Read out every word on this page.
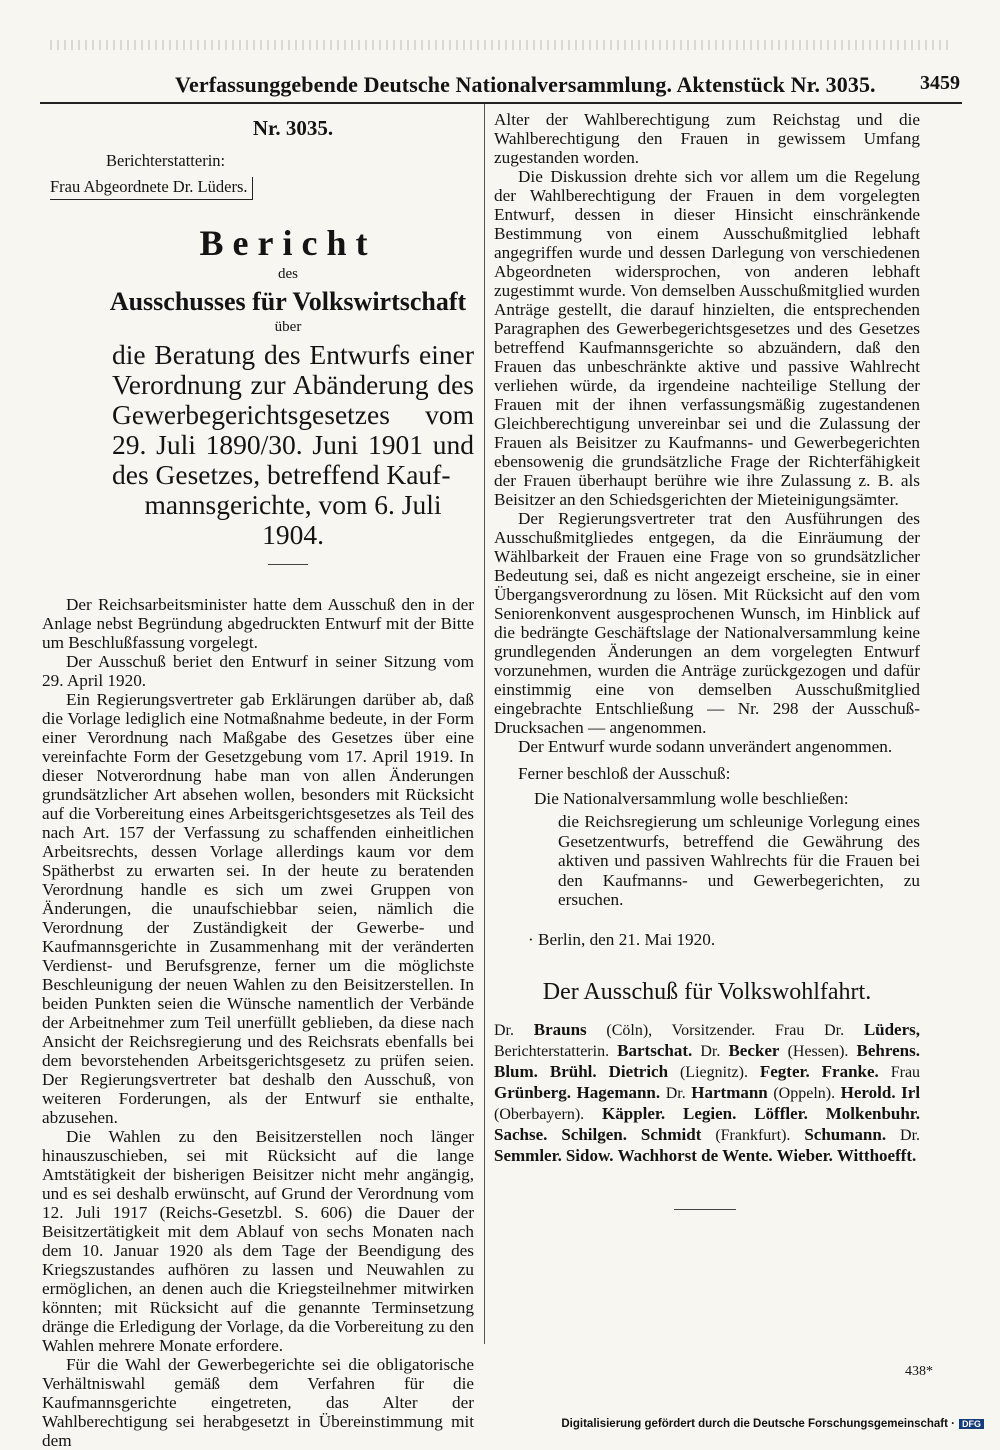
Verfassunggebende Deutsche Nationalversammlung. Aktenstück Nr. 3035. 3459
Nr. 3035.
Berichterstatterin:
Frau Abgeordnete Dr. Lüders.
Bericht
des
Ausschusses für Volkswirtschaft
über
die Beratung des Entwurfs einer Verordnung zur Abänderung des Gewerbegerichtsgesetzes vom 29. Juli 1890/30. Juni 1901 und des Gesetzes, betreffend Kauf-
mannsgerichte, vom 6. Juli 1904.

Der Reichsarbeitsminister hatte dem Ausschuß den in der Anlage nebst Begründung abgedruckten Entwurf mit der Bitte um Beschlußfassung vorgelegt.

Der Ausschuß beriet den Entwurf in seiner Sitzung vom 29. April 1920.

Ein Regierungsvertreter gab Erklärungen darüber ab, daß die Vorlage lediglich eine Notmaßnahme bedeute, in der Form einer Verordnung nach Maßgabe des Gesetzes über eine vereinfachte Form der Gesetzgebung vom 17. April 1919. In dieser Notverordnung habe man von allen Änderungen grundsätzlicher Art absehen wollen, besonders mit Rücksicht auf die Vorbereitung eines Arbeitsgerichtsgesetzes als Teil des nach Art. 157 der Verfassung zu schaffenden einheitlichen Arbeitsrechts, dessen Vorlage allerdings kaum vor dem Spätherbst zu erwarten sei. In der heute zu beratenden Verordnung handle es sich um zwei Gruppen von Änderungen, die unaufschiebbar seien, nämlich die Verordnung der Zuständigkeit der Gewerbe- und Kaufmannsgerichte in Zusammenhang mit der veränderten Verdienst- und Berufsgrenze, ferner um die möglichste Beschleunigung der neuen Wahlen zu den Beisitzerstellen. In beiden Punkten seien die Wünsche namentlich der Verbände der Arbeitnehmer zum Teil unerfüllt geblieben, da diese nach Ansicht der Reichsregierung und des Reichsrats ebenfalls bei dem bevorstehenden Arbeitsgerichtsgesetz zu prüfen seien. Der Regierungsvertreter bat deshalb den Ausschuß, von weiteren Forderungen, als der Entwurf sie enthalte, abzusehen.

Die Wahlen zu den Beisitzerstellen noch länger hinauszuschieben, sei mit Rücksicht auf die lange Amtstätigkeit der bisherigen Beisitzer nicht mehr angängig, und es sei deshalb erwünscht, auf Grund der Verordnung vom 12. Juli 1917 (Reichs-Gesetzbl. S. 606) die Dauer der Beisitzertätigkeit mit dem Ablauf von sechs Monaten nach dem 10. Januar 1920 als dem Tage der Beendigung des Kriegszustandes aufhören zu lassen und Neuwahlen zu ermöglichen, an denen auch die Kriegsteilnehmer mitwirken könnten; mit Rücksicht auf die genannte Terminsetzung dränge die Erledigung der Vorlage, da die Vorbereitung zu den Wahlen mehrere Monate erfordere.

Für die Wahl der Gewerbegerichte sei die obligatorische Verhältniswahl gemäß dem Verfahren für die Kaufmannsgerichte eingetreten, das Alter der Wahlberechtigung sei herabgesetzt in Übereinstimmung mit dem

Alter der Wahlberechtigung zum Reichstag und die Wahlberechtigung den Frauen in gewissem Umfang zugestanden worden.

Die Diskussion drehte sich vor allem um die Regelung der Wahlberechtigung der Frauen in dem vorgelegten Entwurf, dessen in dieser Hinsicht einschränkende Bestimmung von einem Ausschußmitglied lebhaft angegriffen wurde und dessen Darlegung von verschiedenen Abgeordneten widersprochen, von anderen lebhaft zugestimmt wurde. Von demselben Ausschußmitglied wurden Anträge gestellt, die darauf hinzielten, die entsprechenden Paragraphen des Gewerbegerichtsgesetzes und des Gesetzes betreffend Kaufmannsgerichte so abzuändern, daß den Frauen das unbeschränkte aktive und passive Wahlrecht verliehen würde, da irgendeine nachteilige Stellung der Frauen mit der ihnen verfassungsmäßig zugestandenen Gleichberechtigung unvereinbar sei und die Zulassung der Frauen als Beisitzer zu Kaufmanns- und Gewerbegerichten ebensowenig die grundsätzliche Frage der Richterfähigkeit der Frauen überhaupt berühre wie ihre Zulassung z. B. als Beisitzer an den Schiedsgerichten der Mieteinigungsämter.

Der Regierungsvertreter trat den Ausführungen des Ausschußmitgliedes entgegen, da die Einräumung der Wählbarkeit der Frauen eine Frage von so grundsätzlicher Bedeutung sei, daß es nicht angezeigt erscheine, sie in einer Übergangsverordnung zu lösen. Mit Rücksicht auf den vom Seniorenkonvent ausgesprochenen Wunsch, im Hinblick auf die bedrängte Geschäftslage der Nationalversammlung keine grundlegenden Änderungen an dem vorgelegten Entwurf vorzunehmen, wurden die Anträge zurückgezogen und dafür einstimmig eine von demselben Ausschußmitglied eingebrachte Entschließung — Nr. 298 der Ausschuß-Drucksachen — angenommen.

Der Entwurf wurde sodann unverändert angenommen.

Ferner beschloß der Ausschuß:

Die Nationalversammlung wolle beschließen:

die Reichsregierung um schleunige Vorlegung eines Gesetzentwurfs, betreffend die Gewährung des aktiven und passiven Wahlrechts für die Frauen bei den Kaufmanns- und Gewerbegerichten, zu ersuchen.

· Berlin, den 21. Mai 1920.

Der Ausschuß für Volkswohlfahrt.

Dr. Brauns (Cöln), Vorsitzender. Frau Dr. Lüders, Berichterstatterin. Bartschat. Dr. Becker (Hessen). Behrens. Blum. Brühl. Dietrich (Liegnitz). Fegter. Franke. Frau Grünberg. Hagemann. Dr. Hartmann (Oppeln). Herold. Irl (Oberbayern). Käppler. Legien. Löffler. Molkenbuhr. Sachse. Schilgen. Schmidt (Frankfurt). Schumann. Dr. Semmler. Sidow. Wachhorst de Wente. Wieber. Witthoefft.

438*
Digitalisierung gefördert durch die Deutsche Forschungsgemeinschaft · DFG
